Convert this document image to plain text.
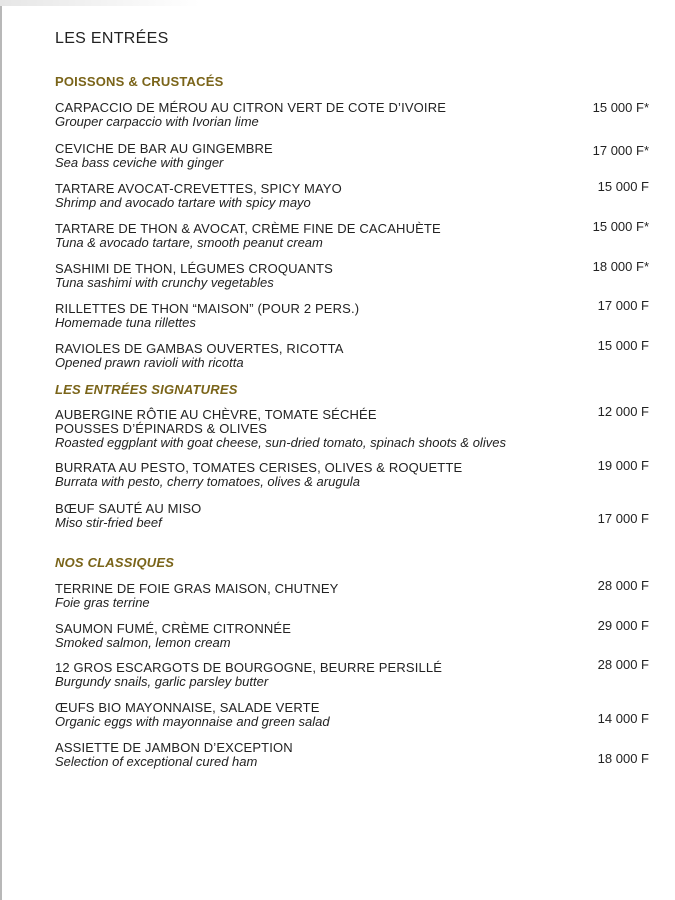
LES ENTRÉES
POISSONS & CRUSTACÉS
CARPACCIO DE MÉROU AU CITRON VERT DE COTE D’IVOIRE
Grouper carpaccio with Ivorian lime
15 000 F*
CEVICHE DE BAR AU GINGEMBRE
Sea bass ceviche with ginger
17 000 F*
TARTARE AVOCAT-CREVETTES, SPICY MAYO
Shrimp and avocado tartare with spicy mayo
15 000 F
TARTARE DE THON & AVOCAT, CRÈME FINE DE CACAHUÈTE
Tuna & avocado tartare, smooth peanut cream
15 000 F*
SASHIMI DE THON, LÉGUMES CROQUANTS
Tuna sashimi with crunchy vegetables
18 000 F*
RILLETTES DE THON “MAISON” (POUR 2 PERS.)
Homemade tuna rillettes
17 000 F
RAVIOLES DE GAMBAS OUVERTES, RICOTTA
Opened prawn ravioli with ricotta
15 000 F
LES ENTRÉES SIGNATURES
AUBERGINE RÔTIE AU CHÈVRE, TOMATE SÉCHÉE
POUSSES D’ÉPINARDS & OLIVES
Roasted eggplant with goat cheese, sun-dried tomato, spinach shoots & olives
12 000 F
BURRATA AU PESTO, TOMATES CERISES, OLIVES & ROQUETTE
Burrata with pesto, cherry tomatoes, olives & arugula
19 000 F
BŒUF SAUTÉ AU MISO
Miso stir-fried beef	17 000 F
NOS CLASSIQUES
TERRINE DE FOIE GRAS MAISON, CHUTNEY
Foie gras terrine
28 000 F
SAUMON FUMÉ, CRÈME CITRONNÉE
Smoked salmon, lemon cream
29 000 F
12 GROS ESCARGOTS DE BOURGOGNE, BEURRE PERSILLÉ
Burgundy snails, garlic parsley butter
28 000 F
ŒUFS BIO MAYONNAISE, SALADE VERTE
Organic eggs with mayonnaise and green salad	14 000 F
ASSIETTE DE JAMBON D’EXCEPTION
Selection of exceptional cured ham	18 000 F
